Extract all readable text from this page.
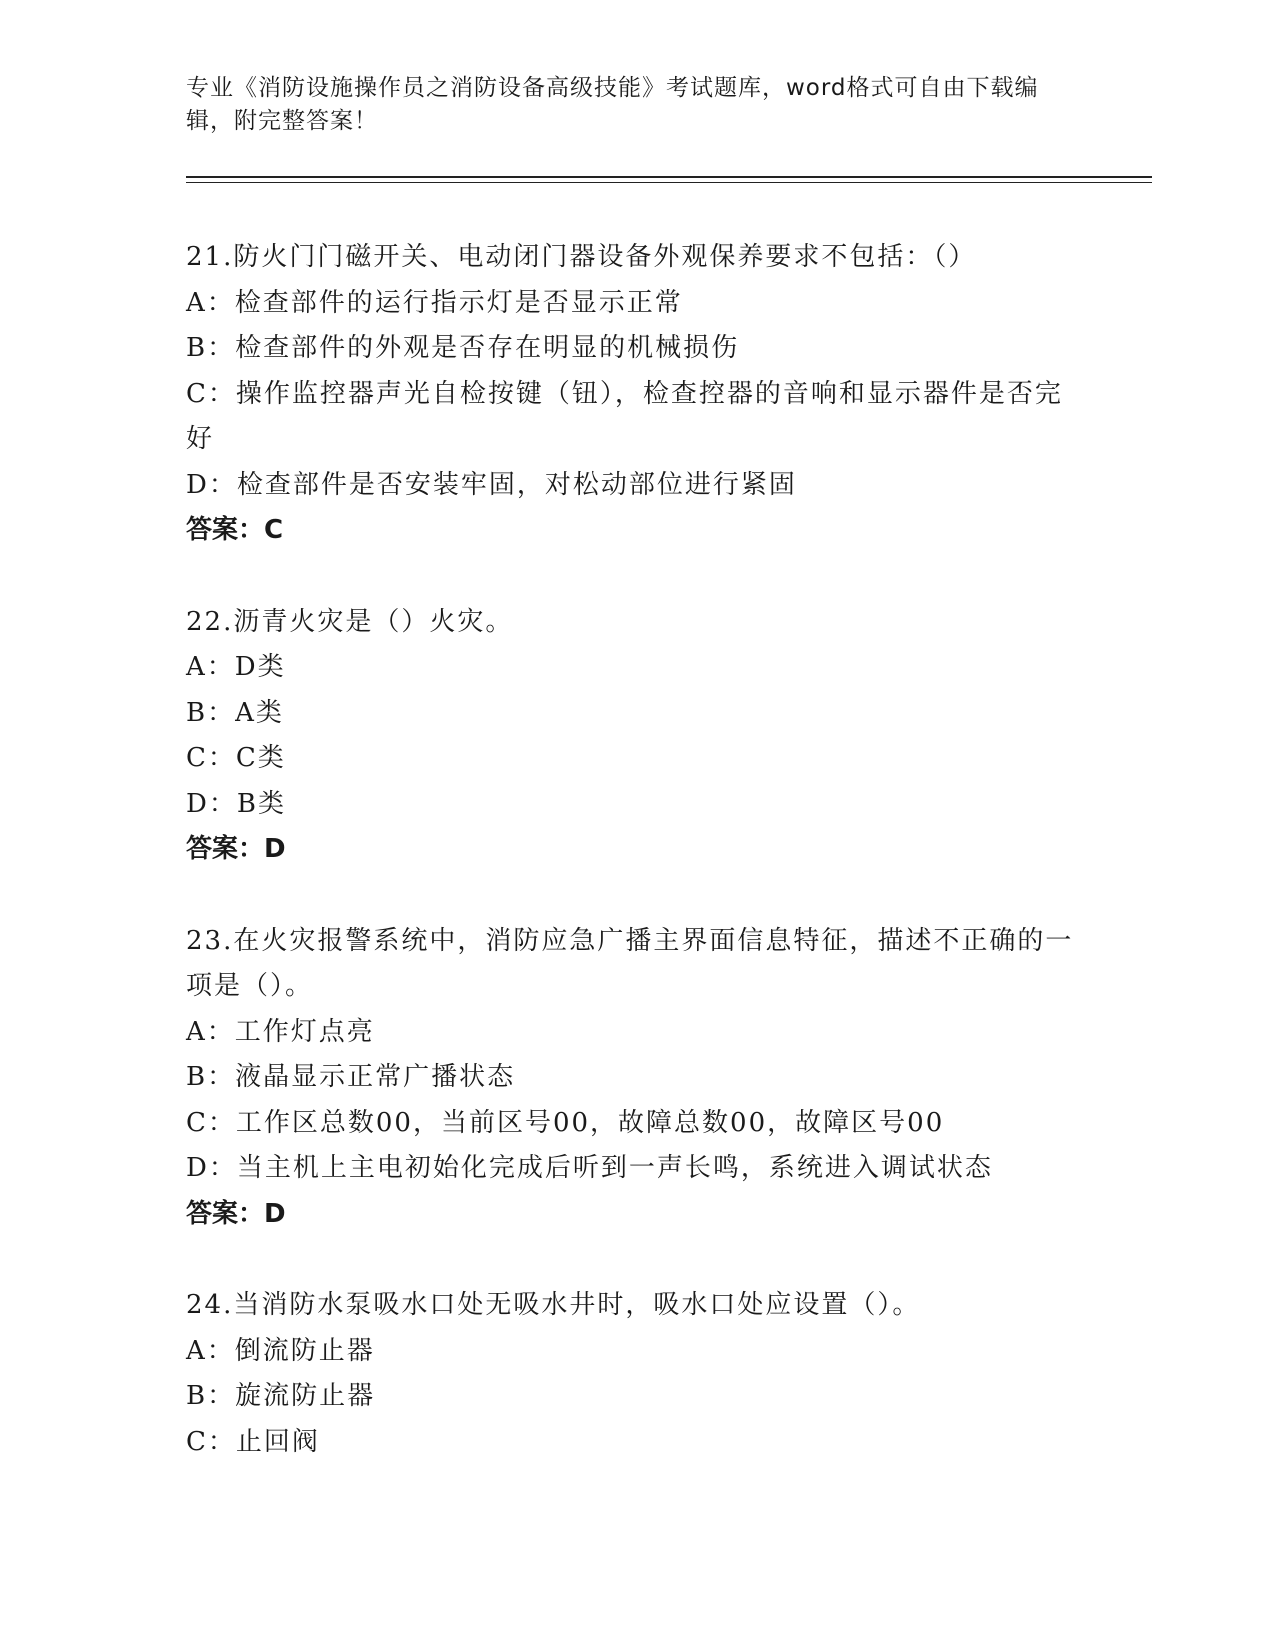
专业《消防设施操作员之消防设备高级技能》考试题库，word格式可自由下载编辑，附完整答案！

21.防火门门磁开关、电动闭门器设备外观保养要求不包括：（）

A：检查部件的运行指示灯是否显示正常

B：检查部件的外观是否存在明显的机械损伤

C：操作监控器声光自检按键（钮），检查控器的音响和显示器件是否完好

D：检查部件是否安装牢固，对松动部位进行紧固

答案：C

22.沥青火灾是（）火灾。

A：D类

B：A类

C：C类

D：B类

答案：D

23.在火灾报警系统中，消防应急广播主界面信息特征，描述不正确的一项是（）。

A：工作灯点亮

B：液晶显示正常广播状态

C：工作区总数00，当前区号00，故障总数00，故障区号00

D：当主机上主电初始化完成后听到一声长鸣，系统进入调试状态

答案：D

24.当消防水泵吸水口处无吸水井时，吸水口处应设置（）。

A：倒流防止器

B：旋流防止器

C：止回阀
